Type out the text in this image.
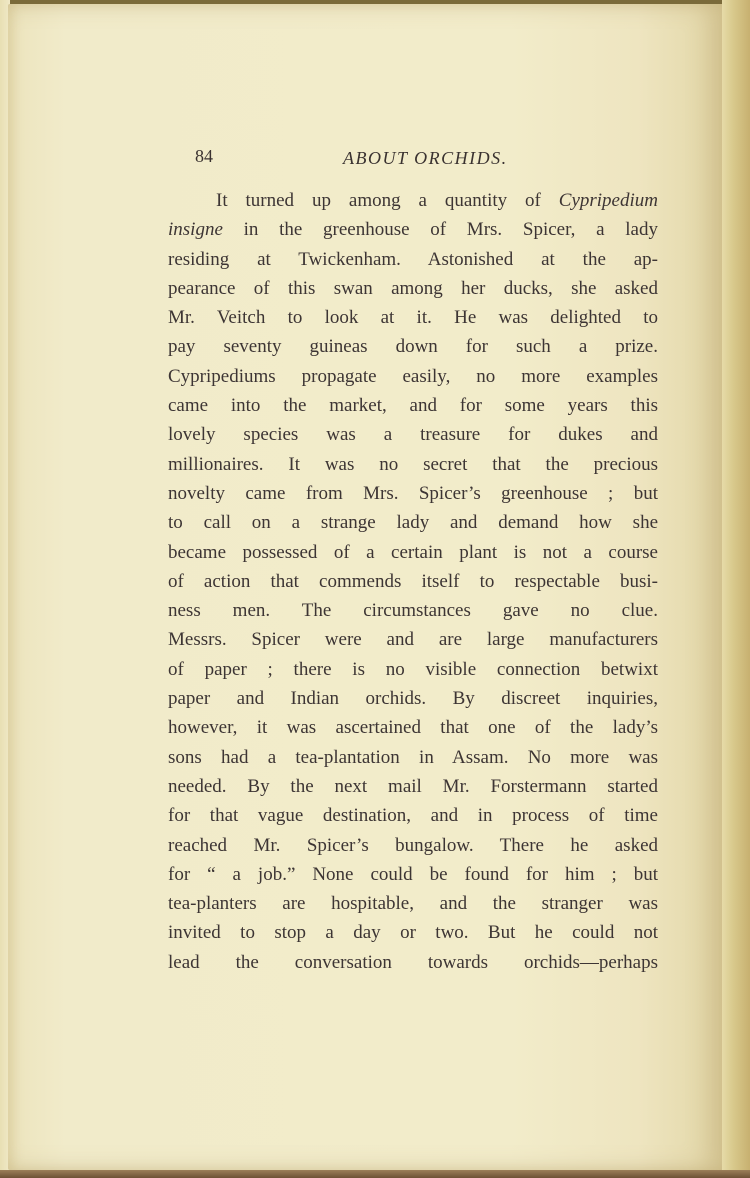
84	ABOUT ORCHIDS.
It turned up among a quantity of Cypripedium
insigne in the greenhouse of Mrs. Spicer, a lady
residing at Twickenham. Astonished at the ap-
pearance of this swan among her ducks, she asked
Mr. Veitch to look at it. He was delighted to
pay seventy guineas down for such a prize.
Cypripediums propagate easily, no more examples
came into the market, and for some years this
lovely species was a treasure for dukes and
millionaires. It was no secret that the precious
novelty came from Mrs. Spicer’s greenhouse ; but
to call on a strange lady and demand how she
became possessed of a certain plant is not a course
of action that commends itself to respectable busi-
ness men. The circumstances gave no clue.
Messrs. Spicer were and are large manufacturers
of paper ; there is no visible connection betwixt
paper and Indian orchids. By discreet inquiries,
however, it was ascertained that one of the lady’s
sons had a tea-plantation in Assam. No more was
needed. By the next mail Mr. Forstermann started
for that vague destination, and in process of time
reached Mr. Spicer’s bungalow. There he asked
for “ a job.” None could be found for him ; but
tea-planters are hospitable, and the stranger was
invited to stop a day or two. But he could not
lead the conversation towards orchids—perhaps
